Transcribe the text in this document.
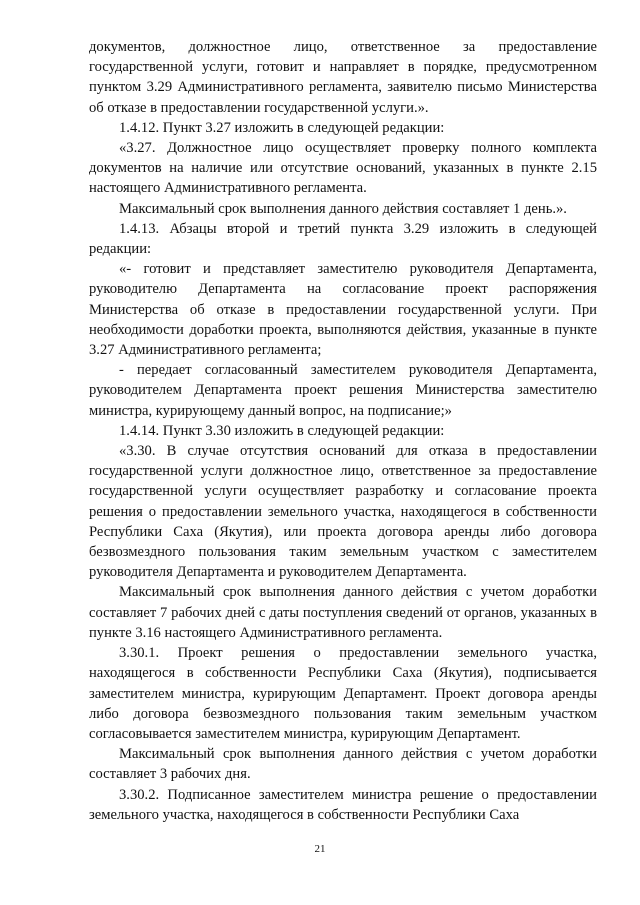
документов, должностное лицо, ответственное за предоставление государственной услуги, готовит и направляет в порядке, предусмотренном пунктом 3.29 Административного регламента, заявителю письмо Министерства об отказе в предоставлении государственной услуги.».

1.4.12. Пункт 3.27 изложить в следующей редакции:

«3.27. Должностное лицо осуществляет проверку полного комплекта документов на наличие или отсутствие оснований, указанных в пункте 2.15 настоящего Административного регламента.

Максимальный срок выполнения данного действия составляет 1 день.».

1.4.13. Абзацы второй и третий пункта 3.29 изложить в следующей редакции:

«- готовит и представляет заместителю руководителя Департамента, руководителю Департамента на согласование проект распоряжения Министерства об отказе в предоставлении государственной услуги. При необходимости доработки проекта, выполняются действия, указанные в пункте 3.27 Административного регламента;

- передает согласованный заместителем руководителя Департамента, руководителем Департамента проект решения Министерства заместителю министра, курирующему данный вопрос, на подписание;»

1.4.14. Пункт 3.30 изложить в следующей редакции:

«3.30. В случае отсутствия оснований для отказа в предоставлении государственной услуги должностное лицо, ответственное за предоставление государственной услуги осуществляет разработку и согласование проекта решения о предоставлении земельного участка, находящегося в собственности Республики Саха (Якутия), или проекта договора аренды либо договора безвозмездного пользования таким земельным участком с заместителем руководителя Департамента и руководителем Департамента.

Максимальный срок выполнения данного действия с учетом доработки составляет 7 рабочих дней с даты поступления сведений от органов, указанных в пункте 3.16 настоящего Административного регламента.

3.30.1. Проект решения о предоставлении земельного участка, находящегося в собственности Республики Саха (Якутия), подписывается заместителем министра, курирующим Департамент. Проект договора аренды либо договора безвозмездного пользования таким земельным участком согласовывается заместителем министра, курирующим Департамент.

Максимальный срок выполнения данного действия с учетом доработки составляет 3 рабочих дня.

3.30.2. Подписанное заместителем министра решение о предоставлении земельного участка, находящегося в собственности Республики Саха

21
